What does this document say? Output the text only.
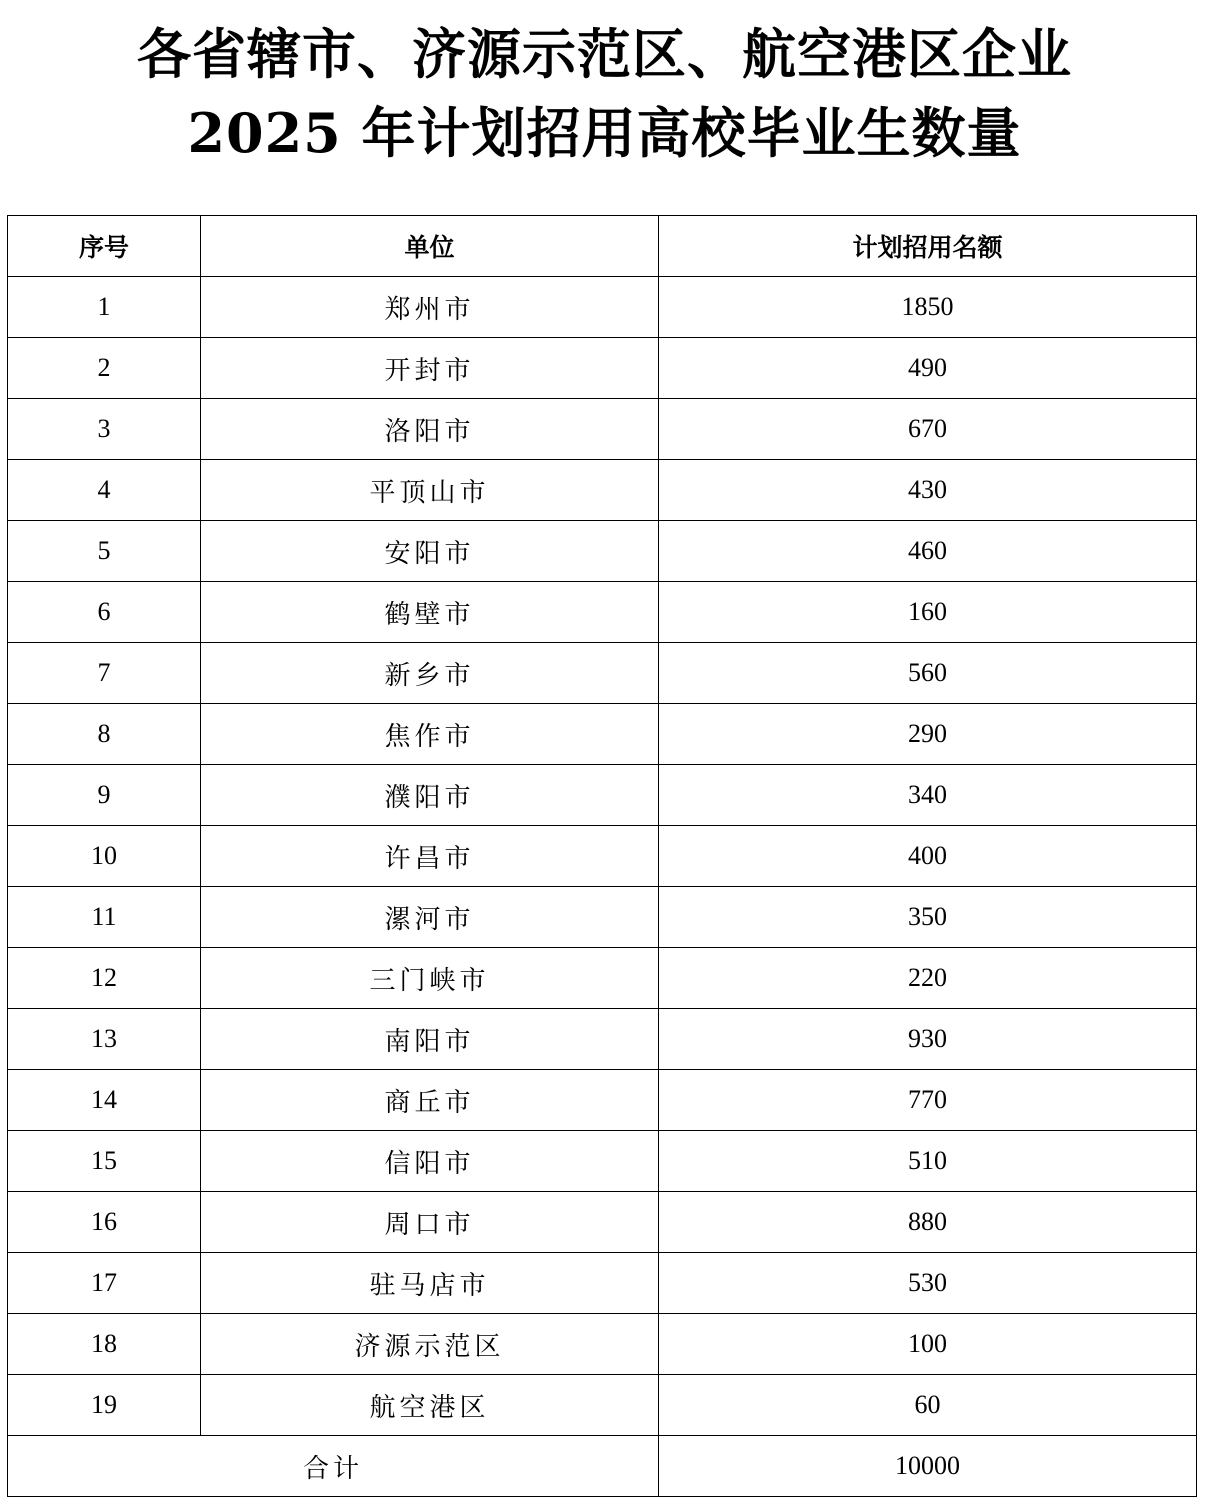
各省辖市、济源示范区、航空港区企业
2025 年计划招用高校毕业生数量
序号	单位	计划招用名额
1	郑州市	1850
2	开封市	490
3	洛阳市	670
4	平顶山市	430
5	安阳市	460
6	鹤壁市	160
7	新乡市	560
8	焦作市	290
9	濮阳市	340
10	许昌市	400
11	漯河市	350
12	三门峡市	220
13	南阳市	930
14	商丘市	770
15	信阳市	510
16	周口市	880
17	驻马店市	530
18	济源示范区	100
19	航空港区	60
合计		10000
